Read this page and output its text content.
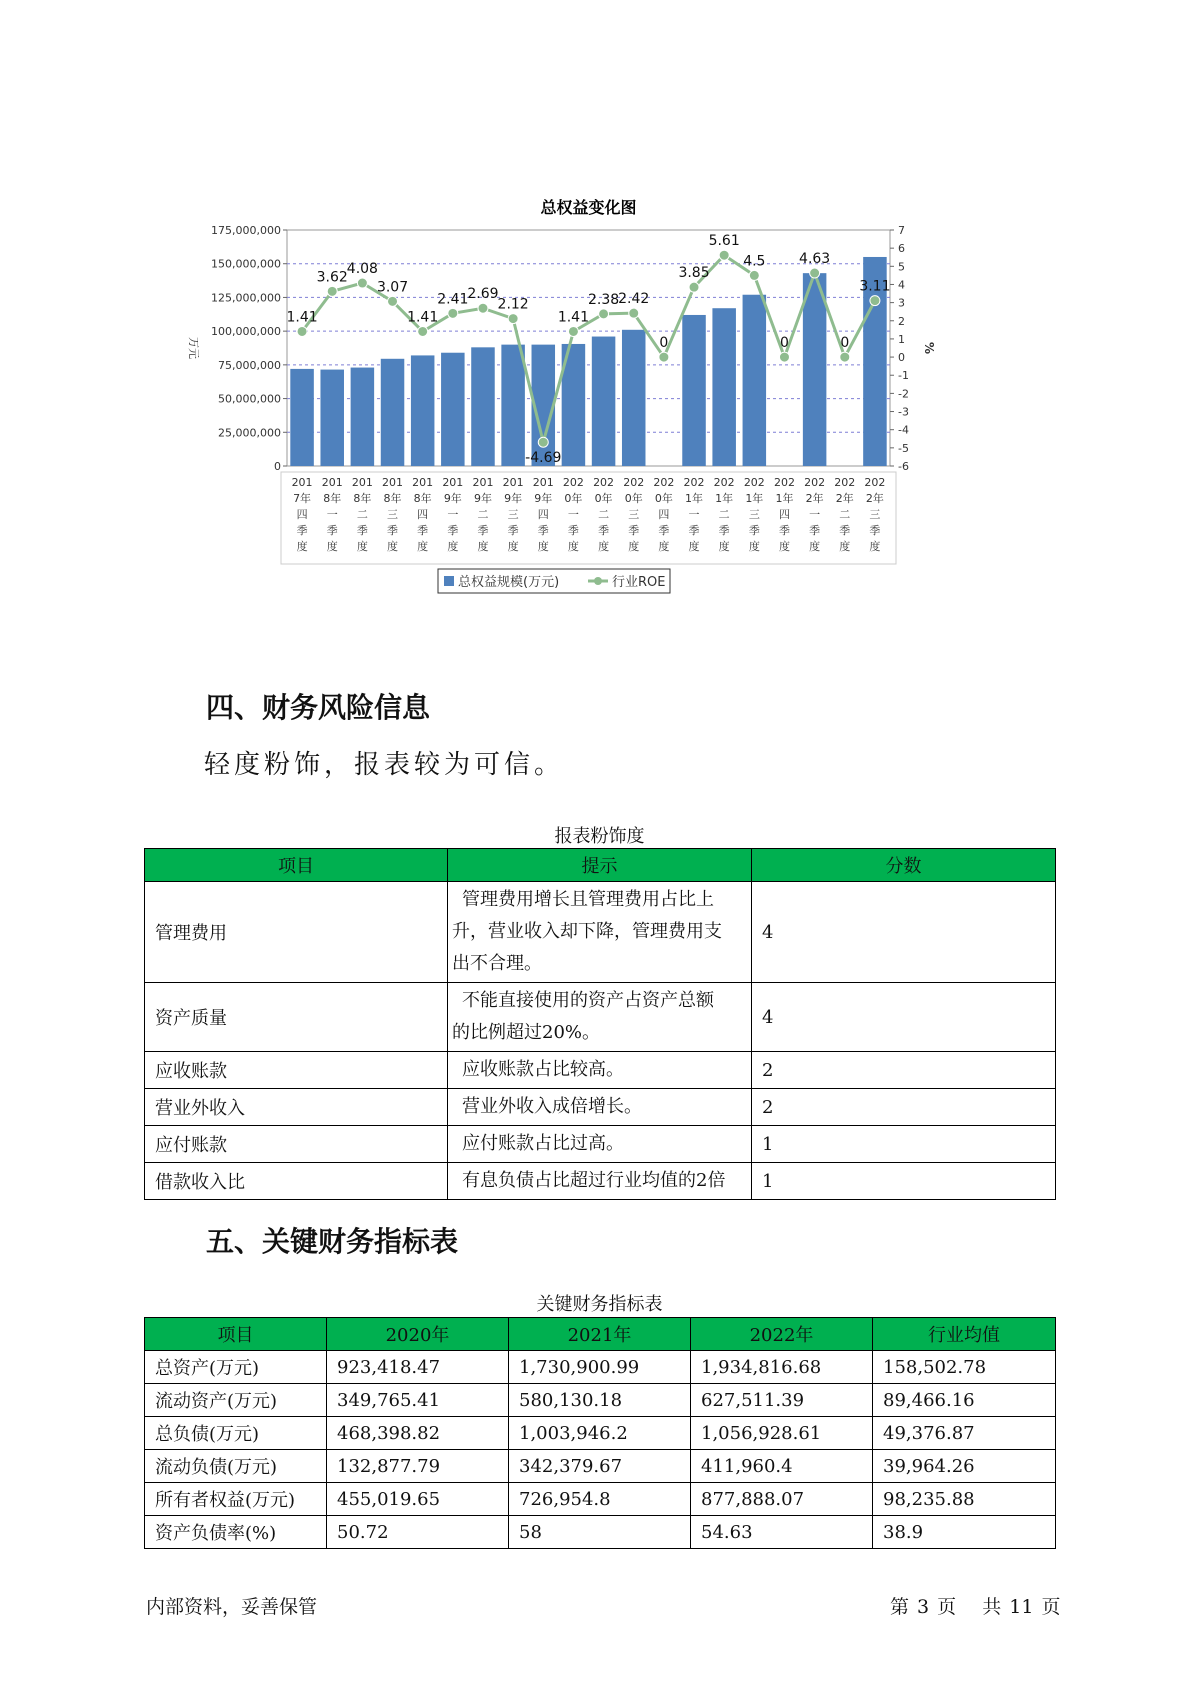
总权益变化图
0
25,000,000
50,000,000
75,000,000
100,000,000
125,000,000
150,000,000
175,000,000
-6
-5
-4
-3
-2
-1
0
1
2
3
4
5
6
7
万元	%
1.41
3.62
4.08
3.07
1.41
2.41
2.69
2.12
-4.69
1.41
2.38
2.42
0
3.85
5.61
4.5
0
4.63
0
3.11
201 7年四季度
201 8年一季度
201 8年二季度
201 8年三季度
201 8年四季度
201 9年一季度
201 9年二季度
201 9年三季度
201 9年四季度
202 0年一季度
202 0年二季度
202 0年三季度
202 0年四季度
202 1年一季度
202 1年二季度
202 1年三季度
202 1年四季度
202 2年一季度
202 2年二季度
202 2年三季度
总权益规模(万元)	行业ROE
四、财务风险信息

轻度粉饰，报表较为可信。

报表粉饰度
项目	提示	分数
管理费用	管理费用增长且管理费用占比上
升，营业收入却下降，管理费用支
出不合理。	4
资产质量	不能直接使用的资产占资产总额
的比例超过20%。	4
应收账款	应收账款占比较高。	2
营业外收入	营业外收入成倍增长。	2
应付账款	应付账款占比过高。	1
借款收入比	有息负债占比超过行业均值的2倍	1
五、关键财务指标表
关键财务指标表
项目	2020年	2021年	2022年	行业均值
总资产(万元)	923,418.47	1,730,900.99	1,934,816.68	158,502.78
流动资产(万元)	349,765.41	580,130.18	627,511.39	89,466.16
总负债(万元)	468,398.82	1,003,946.2	1,056,928.61	49,376.87
流动负债(万元)	132,877.79	342,379.67	411,960.4	39,964.26
所有者权益(万元)	455,019.65	726,954.8	877,888.07	98,235.88
资产负债率(%)	50.72	58	54.63	38.9
内部资料，妥善保管	第 3 页 共 11 页
